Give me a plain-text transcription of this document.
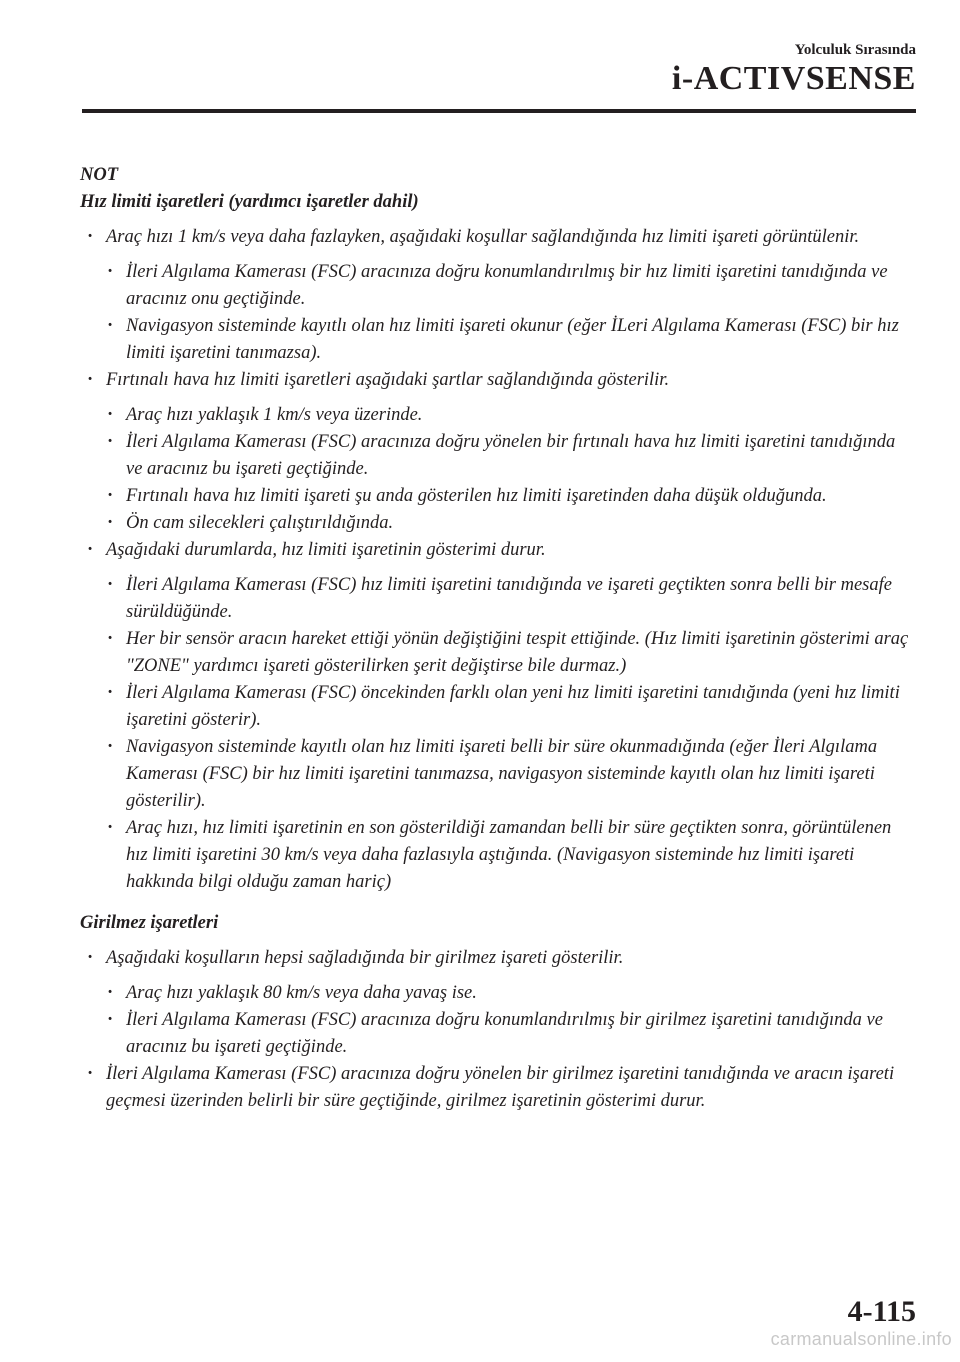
Yolculuk Sırasında
i-ACTIVSENSE
NOT
Hız limiti işaretleri (yardımcı işaretler dahil)
· Araç hızı 1 km/s veya daha fazlayken, aşağıdaki koşullar sağlandığında hız limiti işareti görüntülenir.
· İleri Algılama Kamerası (FSC) aracınıza doğru konumlandırılmış bir hız limiti işaretini tanıdığında ve aracınız onu geçtiğinde.
· Navigasyon sisteminde kayıtlı olan hız limiti işareti okunur (eğer İLeri Algılama Kamerası (FSC) bir hız limiti işaretini tanımazsa).
· Fırtınalı hava hız limiti işaretleri aşağıdaki şartlar sağlandığında gösterilir.
· Araç hızı yaklaşık 1 km/s veya üzerinde.
· İleri Algılama Kamerası (FSC) aracınıza doğru yönelen bir fırtınalı hava hız limiti işaretini tanıdığında ve aracınız bu işareti geçtiğinde.
· Fırtınalı hava hız limiti işareti şu anda gösterilen hız limiti işaretinden daha düşük olduğunda.
· Ön cam silecekleri çalıştırıldığında.
· Aşağıdaki durumlarda, hız limiti işaretinin gösterimi durur.
· İleri Algılama Kamerası (FSC) hız limiti işaretini tanıdığında ve işareti geçtikten sonra belli bir mesafe sürüldüğünde.
· Her bir sensör aracın hareket ettiği yönün değiştiğini tespit ettiğinde. (Hız limiti işaretinin gösterimi araç "ZONE" yardımcı işareti gösterilirken şerit değiştirse bile durmaz.)
· İleri Algılama Kamerası (FSC) öncekinden farklı olan yeni hız limiti işaretini tanıdığında (yeni hız limiti işaretini gösterir).
· Navigasyon sisteminde kayıtlı olan hız limiti işareti belli bir süre okunmadığında (eğer İleri Algılama Kamerası (FSC) bir hız limiti işaretini tanımazsa, navigasyon sisteminde kayıtlı olan hız limiti işareti gösterilir).
· Araç hızı, hız limiti işaretinin en son gösterildiği zamandan belli bir süre geçtikten sonra, görüntülenen hız limiti işaretini 30 km/s veya daha fazlasıyla aştığında. (Navigasyon sisteminde hız limiti işareti hakkında bilgi olduğu zaman hariç)
Girilmez işaretleri
· Aşağıdaki koşulların hepsi sağladığında bir girilmez işareti gösterilir.
· Araç hızı yaklaşık 80 km/s veya daha yavaş ise.
· İleri Algılama Kamerası (FSC) aracınıza doğru konumlandırılmış bir girilmez işaretini tanıdığında ve aracınız bu işareti geçtiğinde.
· İleri Algılama Kamerası (FSC) aracınıza doğru yönelen bir girilmez işaretini tanıdığında ve aracın işareti geçmesi üzerinden belirli bir süre geçtiğinde, girilmez işaretinin gösterimi durur.
4-115
carmanualsonline.info
